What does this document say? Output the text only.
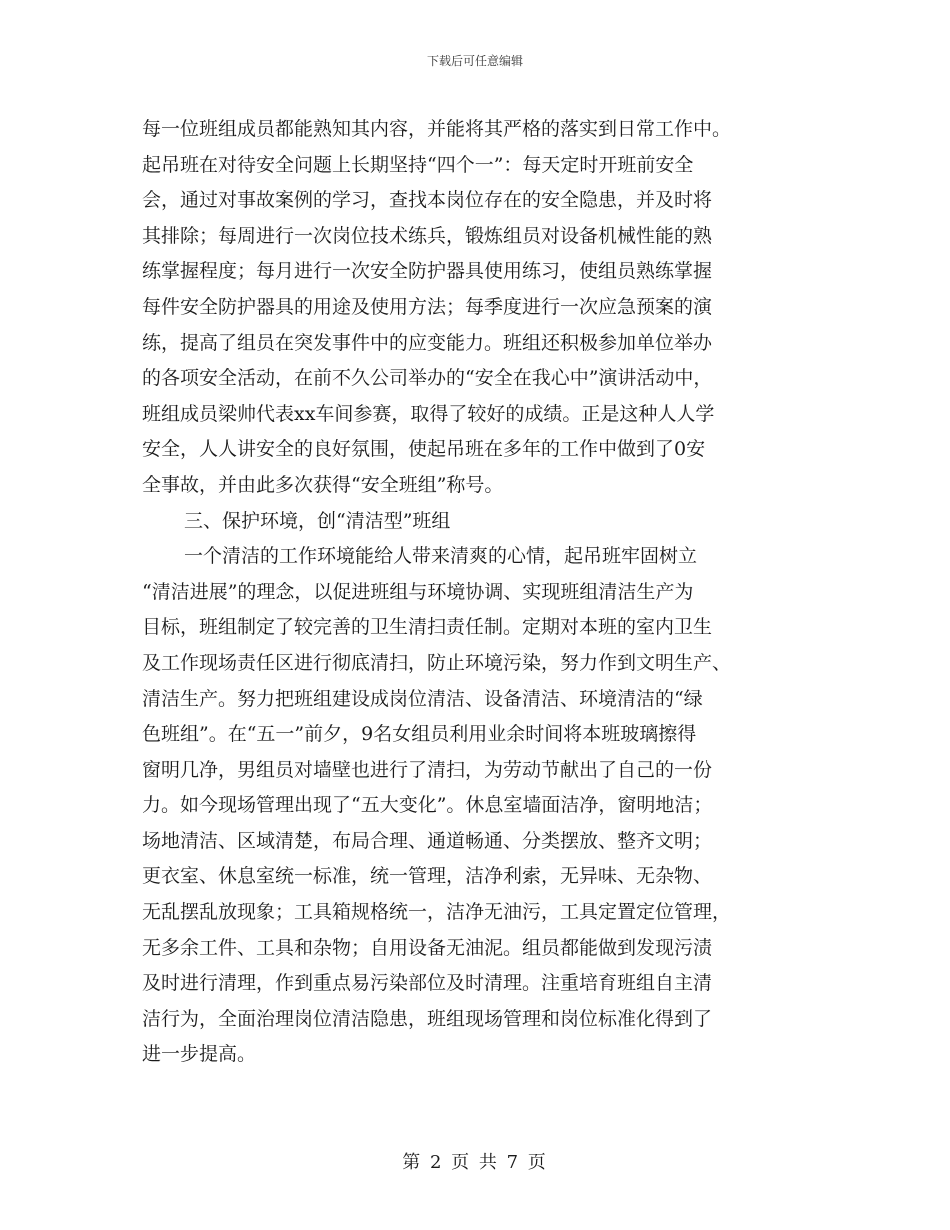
下载后可任意编辑
每一位班组成员都能熟知其内容，并能将其严格的落实到日常工作中。
起吊班在对待安全问题上长期坚持“四个一”：每天定时开班前安全
会，通过对事故案例的学习，查找本岗位存在的安全隐患，并及时将
其排除；每周进行一次岗位技术练兵，锻炼组员对设备机械性能的熟
练掌握程度；每月进行一次安全防护器具使用练习，使组员熟练掌握
每件安全防护器具的用途及使用方法；每季度进行一次应急预案的演
练，提高了组员在突发事件中的应变能力。班组还积极参加单位举办
的各项安全活动，在前不久公司举办的“安全在我心中”演讲活动中，
班组成员梁帅代表xx车间参赛，取得了较好的成绩。正是这种人人学
安全，人人讲安全的良好氛围，使起吊班在多年的工作中做到了0安
全事故，并由此多次获得“安全班组”称号。
三、保护环境，创“清洁型”班组
一个清洁的工作环境能给人带来清爽的心情，起吊班牢固树立
“清洁进展”的理念，以促进班组与环境协调、实现班组清洁生产为
目标，班组制定了较完善的卫生清扫责任制。定期对本班的室内卫生
及工作现场责任区进行彻底清扫，防止环境污染，努力作到文明生产、
清洁生产。努力把班组建设成岗位清洁、设备清洁、环境清洁的“绿
色班组”。在“五一”前夕，9名女组员利用业余时间将本班玻璃擦得
窗明几净，男组员对墙壁也进行了清扫，为劳动节献出了自己的一份
力。如今现场管理出现了“五大变化”。休息室墙面洁净，窗明地洁；
场地清洁、区域清楚，布局合理、通道畅通、分类摆放、整齐文明；
更衣室、休息室统一标准，统一管理，洁净利索，无异味、无杂物、
无乱摆乱放现象；工具箱规格统一，洁净无油污，工具定置定位管理，
无多余工件、工具和杂物；自用设备无油泥。组员都能做到发现污渍
及时进行清理，作到重点易污染部位及时清理。注重培育班组自主清
洁行为，全面治理岗位清洁隐患，班组现场管理和岗位标准化得到了
进一步提高。
第 2 页 共 7 页
